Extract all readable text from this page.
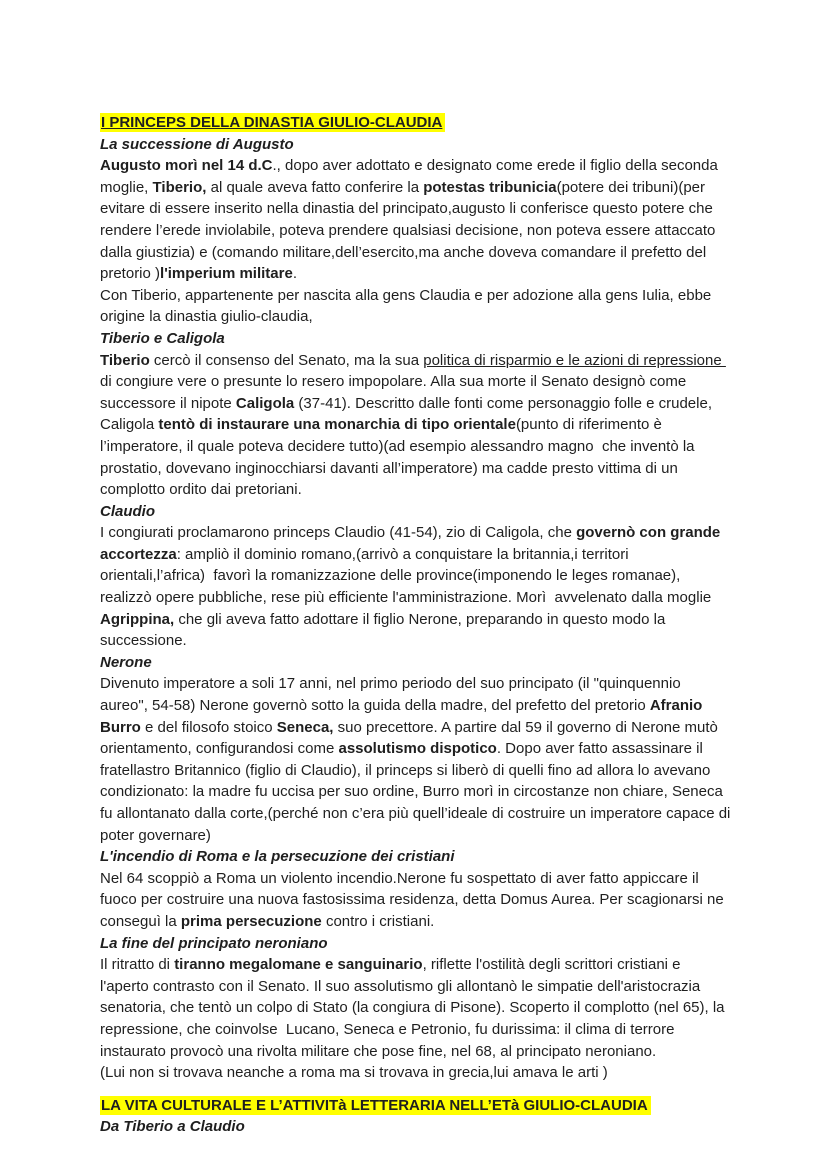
I PRINCEPS DELLA DINASTIA GIULIO-CLAUDIA
La successione di Augusto
Augusto morì nel 14 d.C., dopo aver adottato e designato come erede il figlio della seconda moglie, Tiberio, al quale aveva fatto conferire la potestas tribunicia(potere dei tribuni)(per evitare di essere inserito nella dinastia del principato,augusto li conferisce questo potere che rendere l’erede inviolabile, poteva prendere qualsiasi decisione, non poteva essere attaccato dalla giustizia) e (comando militare,dell’esercito,ma anche doveva comandare il prefetto del pretorio )l'imperium militare.
Con Tiberio, appartenente per nascita alla gens Claudia e per adozione alla gens Iulia, ebbe origine la dinastia giulio-claudia,
Tiberio e Caligola
Tiberio cercò il consenso del Senato, ma la sua politica di risparmio e le azioni di repressione di congiure vere o presunte lo resero impopolare. Alla sua morte il Senato designò come successore il nipote Caligola (37-41). Descritto dalle fonti come personaggio folle e crudele, Caligola tentò di instaurare una monarchia di tipo orientale(punto di riferimento è l’imperatore, il quale poteva decidere tutto)(ad esempio alessandro magno  che inventò la prostatio, dovevano inginocchiarsi davanti all’imperatore) ma cadde presto vittima di un complotto ordito dai pretoriani.
Claudio
I congiurati proclamarono princeps Claudio (41-54), zio di Caligola, che governò con grande accortezza: ampliò il dominio romano,(arrivò a conquistare la britannia,i territori orientali,l’africa)  favorì la romanizzazione delle province(imponendo le leges romanae), realizzò opere pubbliche, rese più efficiente l'amministrazione. Morì  avvelenato dalla moglie Agrippina, che gli aveva fatto adottare il figlio Nerone, preparando in questo modo la successione.
Nerone
Divenuto imperatore a soli 17 anni, nel primo periodo del suo principato (il "quinquennio aureo", 54-58) Nerone governò sotto la guida della madre, del prefetto del pretorio Afranio Burro e del filosofo stoico Seneca, suo precettore. A partire dal 59 il governo di Nerone mutò orientamento, configurandosi come assolutismo dispotico. Dopo aver fatto assassinare il fratellastro Britannico (figlio di Claudio), il princeps si liberò di quelli fino ad allora lo avevano condizionato: la madre fu uccisa per suo ordine, Burro morì in circostanze non chiare, Seneca fu allontanato dalla corte,(perché non c’era più quell’ideale di costruire un imperatore capace di poter governare)
L'incendio di Roma e la persecuzione dei cristiani
Nel 64 scoppiò a Roma un violento incendio.Nerone fu sospettato di aver fatto appiccare il fuoco per costruire una nuova fastosissima residenza, detta Domus Aurea. Per scagionarsi ne conseguì la prima persecuzione contro i cristiani.
La fine del principato neroniano
Il ritratto di tiranno megalomane e sanguinario, riflette l'ostilità degli scrittori cristiani e l'aperto contrasto con il Senato. Il suo assolutismo gli allontanò le simpatie dell'aristocrazia senatoria, che tentò un colpo di Stato (la congiura di Pisone). Scoperto il complotto (nel 65), la repressione, che coinvolse  Lucano, Seneca e Petronio, fu durissima: il clima di terrore instaurato provocò una rivolta militare che pose fine, nel 68, al principato neroniano.
(Lui non si trovava neanche a roma ma si trovava in grecia,lui amava le arti )
LA VITA CULTURALE E L’ATTIVITà LETTERARIA NELL’ETà GIULIO-CLAUDIA
Da Tiberio a Claudio
